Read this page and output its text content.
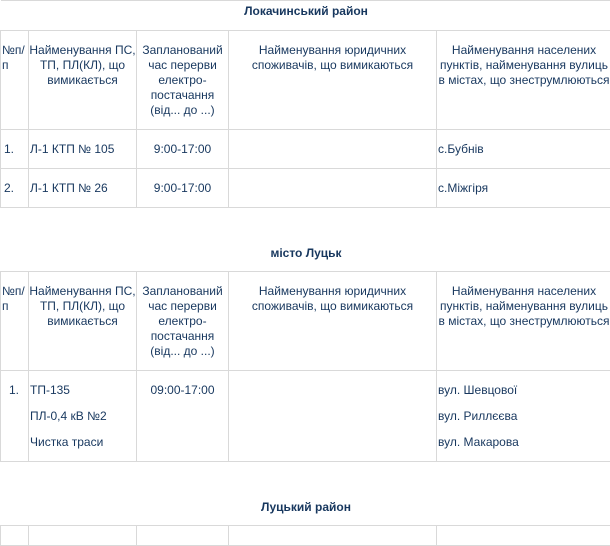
Локачинський район				
№п/п	Найменування ПС, ТП, ПЛ(КЛ), що вимикається	Запланований час перерви електро-постачання (від... до ...)	Найменування юридичних споживачів, що вимикаються	Найменування населених пунктів, найменування вулиць в містах, що знеструмлюються
1.	Л-1 КТП № 105	9:00-17:00		с.Бубнів
2.	Л-1 КТП № 26	9:00-17:00		с.Міжгіря
місто Луцьк				
№п/п	Найменування ПС, ТП, ПЛ(КЛ), що вимикається	Запланований час перерви електро-постачання (від... до ...)	Найменування юридичних споживачів, що вимикаються	Найменування населених пунктів, найменування вулиць в містах, що знеструмлюються
1.	ТП-135
ПЛ-0,4 кВ №2
Чистка траси	09:00-17:00		вул. Шевцової
вул. Риллєєва
вул. Макарова

Луцький район				
